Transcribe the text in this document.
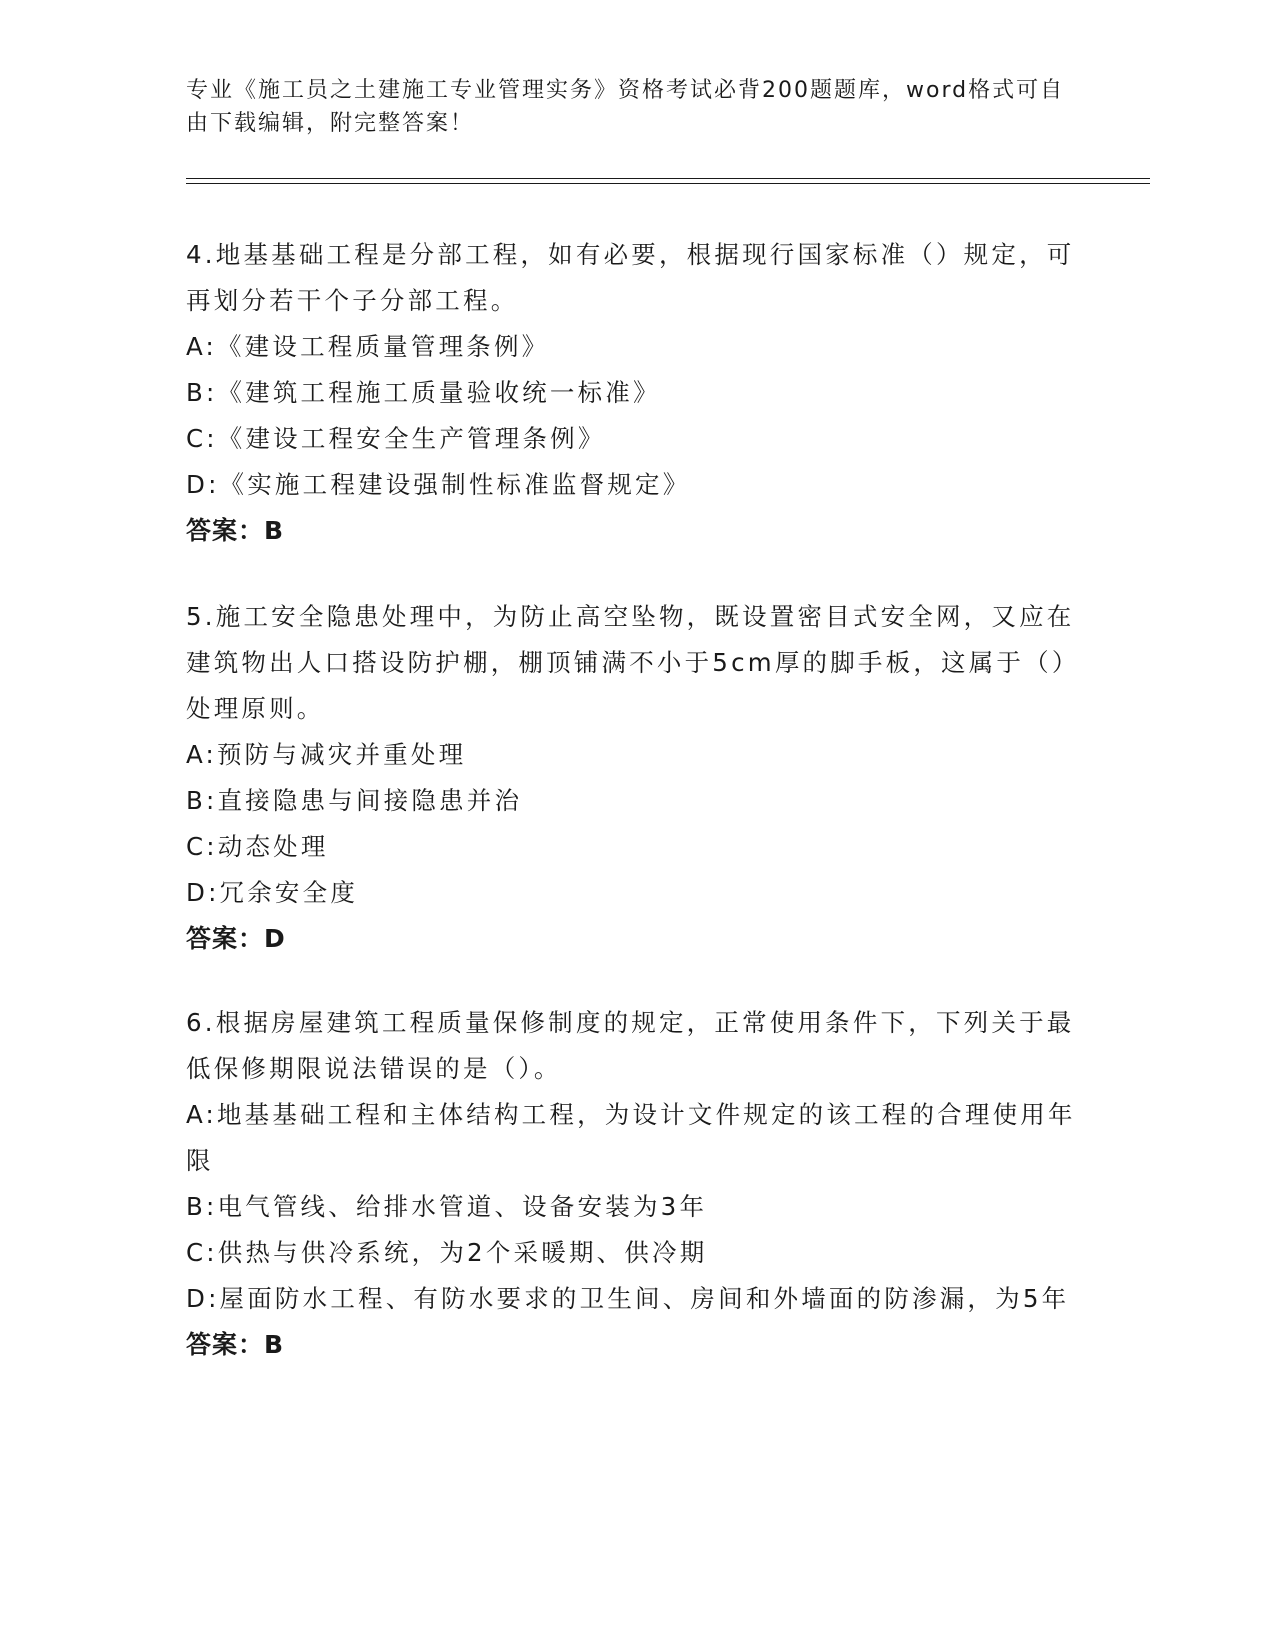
专业《施工员之土建施工专业管理实务》资格考试必背200题题库，word格式可自由下载编辑，附完整答案！
4.地基基础工程是分部工程，如有必要，根据现行国家标准（）规定，可再划分若干个子分部工程。
A:《建设工程质量管理条例》
B:《建筑工程施工质量验收统一标准》
C:《建设工程安全生产管理条例》
D:《实施工程建设强制性标准监督规定》
答案：B
5.施工安全隐患处理中，为防止高空坠物，既设置密目式安全网，又应在建筑物出人口搭设防护棚，棚顶铺满不小于5cm厚的脚手板，这属于（）处理原则。
A:预防与减灾并重处理
B:直接隐患与间接隐患并治
C:动态处理
D:冗余安全度
答案：D
6.根据房屋建筑工程质量保修制度的规定，正常使用条件下，下列关于最低保修期限说法错误的是（）。
A:地基基础工程和主体结构工程，为设计文件规定的该工程的合理使用年限
B:电气管线、给排水管道、设备安装为3年
C:供热与供冷系统，为2个采暖期、供冷期
D:屋面防水工程、有防水要求的卫生间、房间和外墙面的防渗漏，为5年
答案：B
